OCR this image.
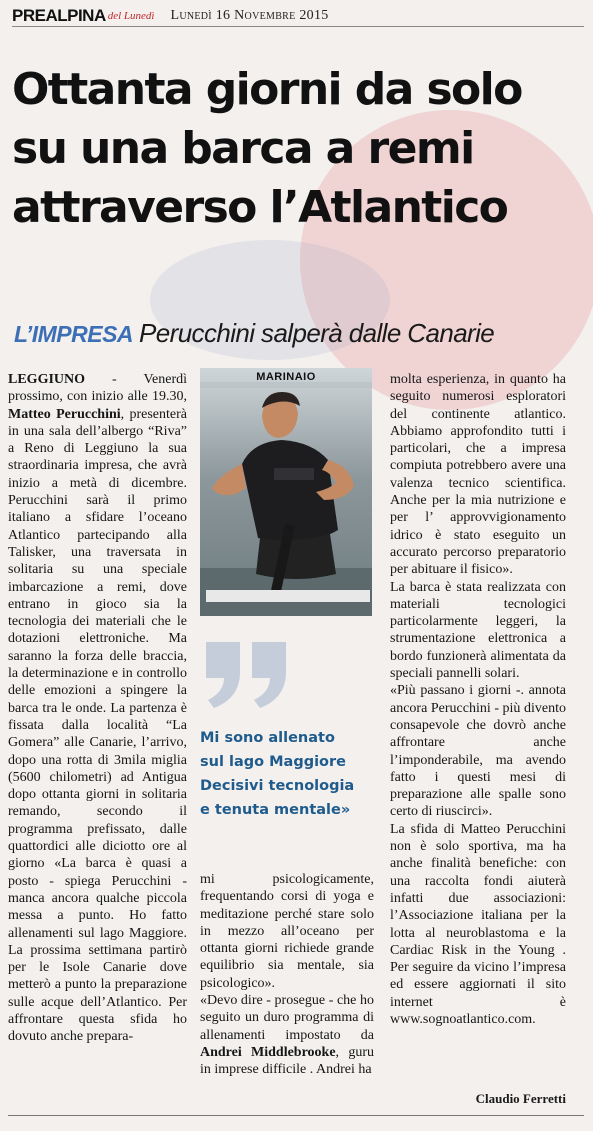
PREALPINA del Lunedì Lunedì 16 Novembre 2015
Ottanta giorni da solo
su una barca a remi
attraverso l’Atlantico
L’IMPRESA Perucchini salperà dalle Canarie

LEGGIUNO - Venerdì prossimo, con inizio alle 19.30, Matteo Perucchini, presenterà in una sala dell’albergo “Riva” a Reno di Leggiuno la sua straordinaria impresa, che avrà inizio a metà di dicembre. Perucchini sarà il primo italiano a sfidare l’oceano Atlantico partecipando alla Talisker, una traversata in solitaria su una speciale imbarcazione a remi, dove entrano in gioco sia la tecnologia dei materiali che le dotazioni elettroniche. Ma saranno la forza delle braccia, la determinazione e in controllo delle emozioni a spingere la barca tra le onde. La partenza è fissata dalla località “La Gomera” alle Canarie, l’arrivo, dopo una rotta di 3mila miglia (5600 chilometri) ad Antigua dopo ottanta giorni in solitaria remando, secondo il programma prefissato, dalle quattordici alle diciotto ore al giorno «La barca è quasi a posto - spiega Perucchini - manca ancora qualche piccola messa a punto. Ho fatto allenamenti sul lago Maggiore. La prossima settimana partirò per le Isole Canarie dove metterò a punto la preparazione sulle acque dell’Atlantico. Per affrontare questa sfida ho dovuto anche prepara-

MARINAIO
Mi sono allenato
sul lago Maggiore
Decisivi tecnologia
e tenuta mentale»

mi psicologicamente, frequentando corsi di yoga e meditazione perché stare solo in mezzo all’oceano per ottanta giorni richiede grande equilibrio sia mentale, sia psicologico».

«Devo dire - prosegue - che ho seguito un duro programma di allenamenti impostato da Andrei Middlebrooke, guru in imprese difficile . Andrei ha

molta esperienza, in quanto ha seguito numerosi esploratori del continente atlantico. Abbiamo approfondito tutti i particolari, che a impresa compiuta potrebbero avere una valenza tecnico scientifica. Anche per la mia nutrizione e per l’ approvvigionamento idrico è stato eseguito un accurato percorso preparatorio per abituare il fisico».

La barca è stata realizzata con materiali tecnologici particolarmente leggeri, la strumentazione elettronica a bordo funzionerà alimentata da speciali pannelli solari.

«Più passano i giorni -. annota ancora Perucchini - più divento consapevole che dovrò anche affrontare anche l’imponderabile, ma avendo fatto i questi mesi di preparazione alle spalle sono certo di riuscirci».

La sfida di Matteo Perucchini non è solo sportiva, ma ha anche finalità benefiche: con una raccolta fondi aiuterà infatti due associazioni: l’Associazione italiana per la lotta al neuroblastoma e la Cardiac Risk in the Young . Per seguire da vicino l’impresa ed essere aggiornati il sito internet è www.sognoatlantico.com.

Claudio Ferretti
